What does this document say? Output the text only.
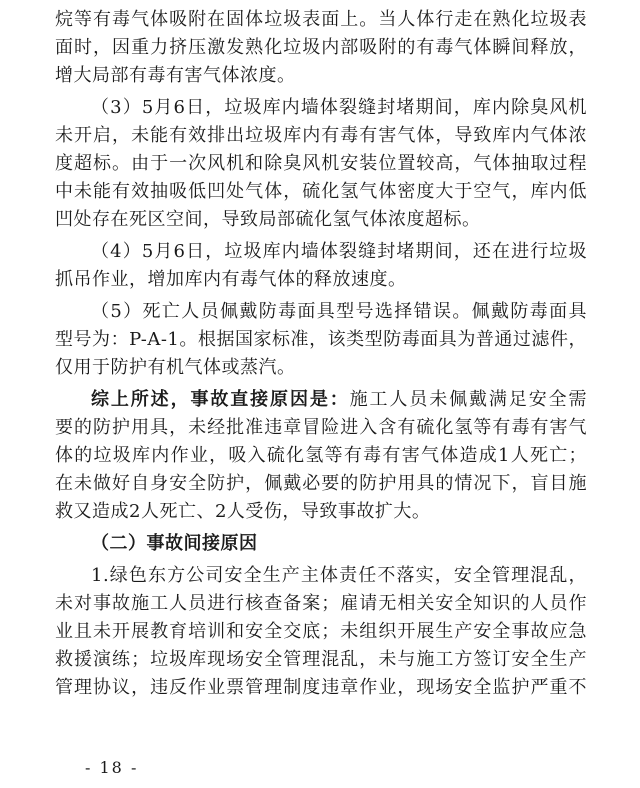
烷等有毒气体吸附在固体垃圾表面上。当人体行走在熟化垃圾表
面时，因重力挤压激发熟化垃圾内部吸附的有毒气体瞬间释放，
增大局部有毒有害气体浓度。
（3）5月6日，垃圾库内墙体裂缝封堵期间，库内除臭风机
未开启，未能有效排出垃圾库内有毒有害气体，导致库内气体浓
度超标。由于一次风机和除臭风机安装位置较高，气体抽取过程
中未能有效抽吸低凹处气体，硫化氢气体密度大于空气，库内低
凹处存在死区空间，导致局部硫化氢气体浓度超标。
（4）5月6日，垃圾库内墙体裂缝封堵期间，还在进行垃圾
抓吊作业，增加库内有毒气体的释放速度。
（5）死亡人员佩戴防毒面具型号选择错误。佩戴防毒面具
型号为：P-A-1。根据国家标准，该类型防毒面具为普通过滤件，
仅用于防护有机气体或蒸汽。
综上所述，事故直接原因是：施工人员未佩戴满足安全需
要的防护用具，未经批准违章冒险进入含有硫化氢等有毒有害气
体的垃圾库内作业，吸入硫化氢等有毒有害气体造成1人死亡；
在未做好自身安全防护，佩戴必要的防护用具的情况下，盲目施
救又造成2人死亡、2人受伤，导致事故扩大。
（二）事故间接原因
1.绿色东方公司安全生产主体责任不落实，安全管理混乱，
未对事故施工人员进行核查备案；雇请无相关安全知识的人员作
业且未开展教育培训和安全交底；未组织开展生产安全事故应急
救援演练；垃圾库现场安全管理混乱，未与施工方签订安全生产
管理协议，违反作业票管理制度违章作业，现场安全监护严重不
- 18 -
